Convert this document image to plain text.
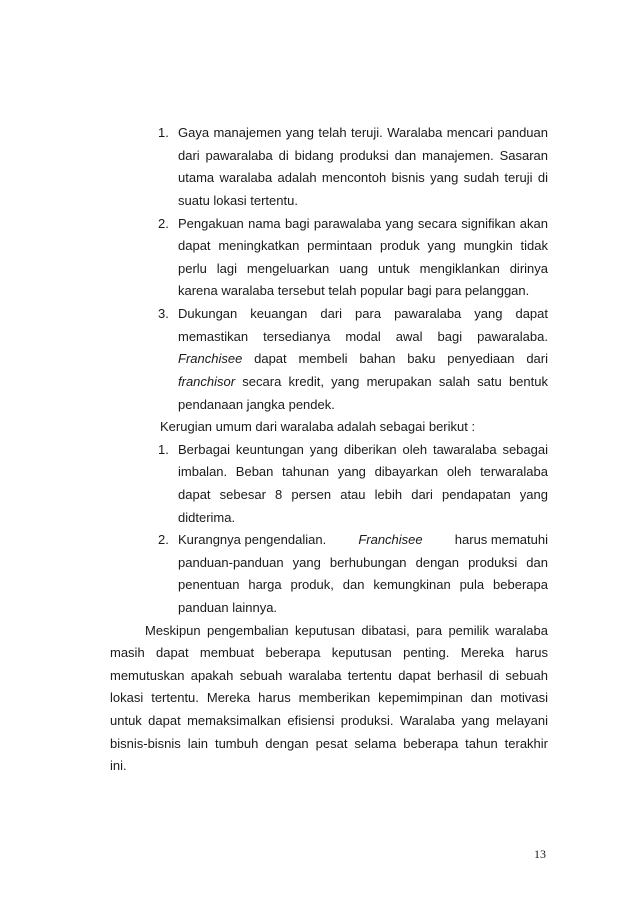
1. Gaya manajemen yang telah teruji. Waralaba mencari panduan
dari pawaralaba di bidang produksi dan manajemen. Sasaran
utama waralaba adalah mencontoh bisnis yang sudah teruji di
suatu lokasi tertentu.
2. Pengakuan nama bagi parawalaba yang secara signifikan akan
dapat meningkatkan permintaan produk yang mungkin tidak
perlu lagi mengeluarkan uang untuk mengiklankan dirinya
karena waralaba tersebut telah popular bagi para pelanggan.
3. Dukungan keuangan dari para pawaralaba yang dapat
memastikan tersedianya modal awal bagi pawaralaba.
Franchisee dapat membeli bahan baku penyediaan dari
franchisor secara kredit, yang merupakan salah satu bentuk
pendanaan jangka pendek.
Kerugian umum dari waralaba adalah sebagai berikut :
1. Berbagai keuntungan yang diberikan oleh tawaralaba sebagai
imbalan. Beban tahunan yang dibayarkan oleh terwaralaba
dapat sebesar 8 persen atau lebih dari pendapatan yang
didterima.
2. Kurangnya pengendalian. Franchisee harus mematuhi
panduan-panduan yang berhubungan dengan produksi dan
penentuan harga produk, dan kemungkinan pula beberapa
panduan lainnya.
Meskipun pengembalian keputusan dibatasi, para pemilik waralaba
masih dapat membuat beberapa keputusan penting. Mereka harus
memutuskan apakah sebuah waralaba tertentu dapat berhasil di sebuah
lokasi tertentu. Mereka harus memberikan kepemimpinan dan motivasi
untuk dapat memaksimalkan efisiensi produksi. Waralaba yang melayani
bisnis-bisnis lain tumbuh dengan pesat selama beberapa tahun terakhir
ini.
13
